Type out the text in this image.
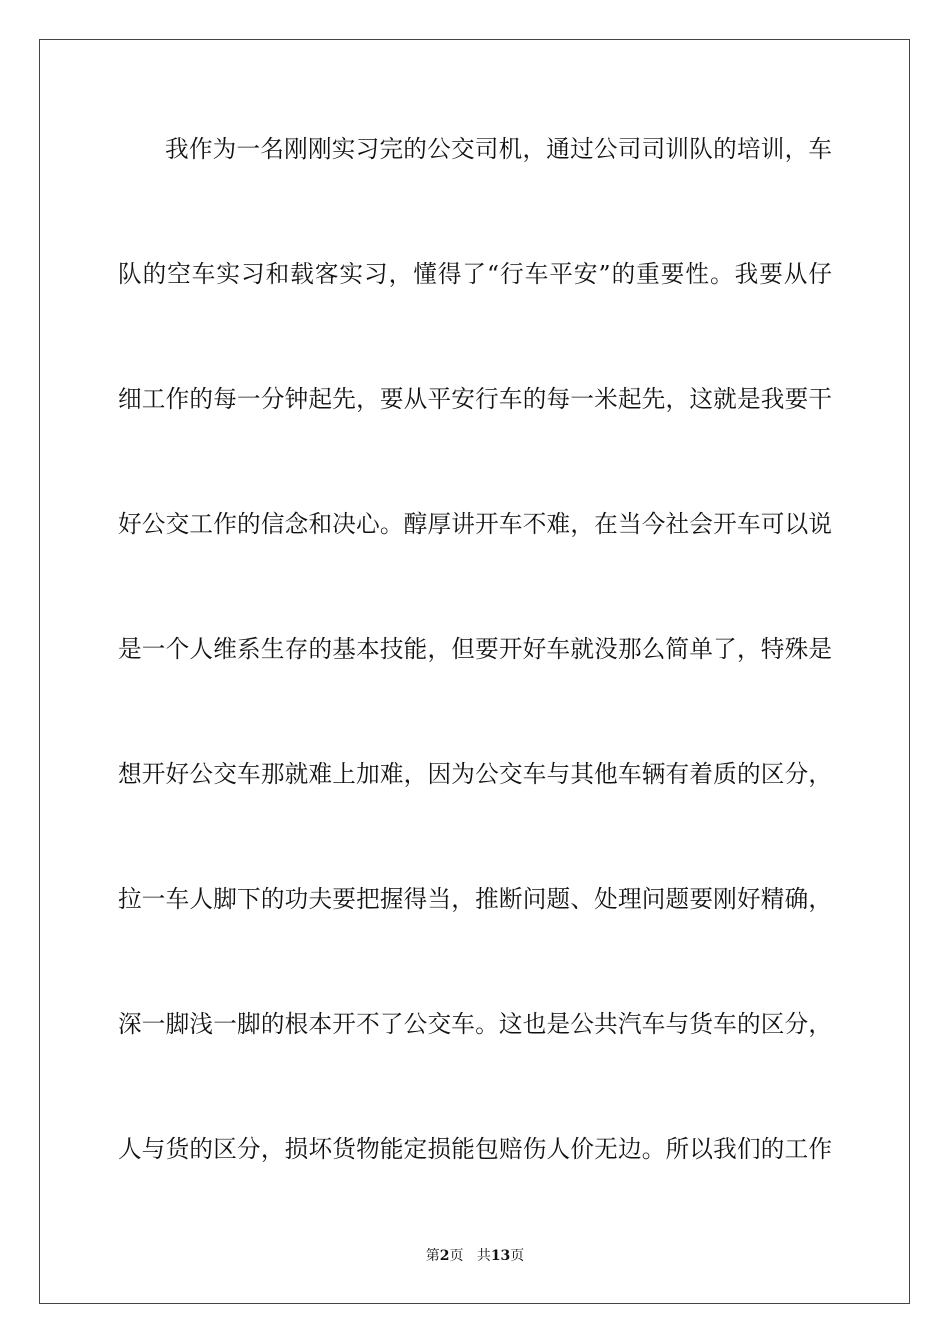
我作为一名刚刚实习完的公交司机，通过公司司训队的培训，车
队的空车实习和载客实习，懂得了“行车平安”的重要性。我要从仔
细工作的每一分钟起先，要从平安行车的每一米起先，这就是我要干
好公交工作的信念和决心。醇厚讲开车不难，在当今社会开车可以说
是一个人维系生存的基本技能，但要开好车就没那么简单了，特殊是
想开好公交车那就难上加难，因为公交车与其他车辆有着质的区分，
拉一车人脚下的功夫要把握得当，推断问题、处理问题要刚好精确，
深一脚浅一脚的根本开不了公交车。这也是公共汽车与货车的区分，
人与货的区分，损坏货物能定损能包赔伤人价无边。所以我们的工作
第2页 共13页
